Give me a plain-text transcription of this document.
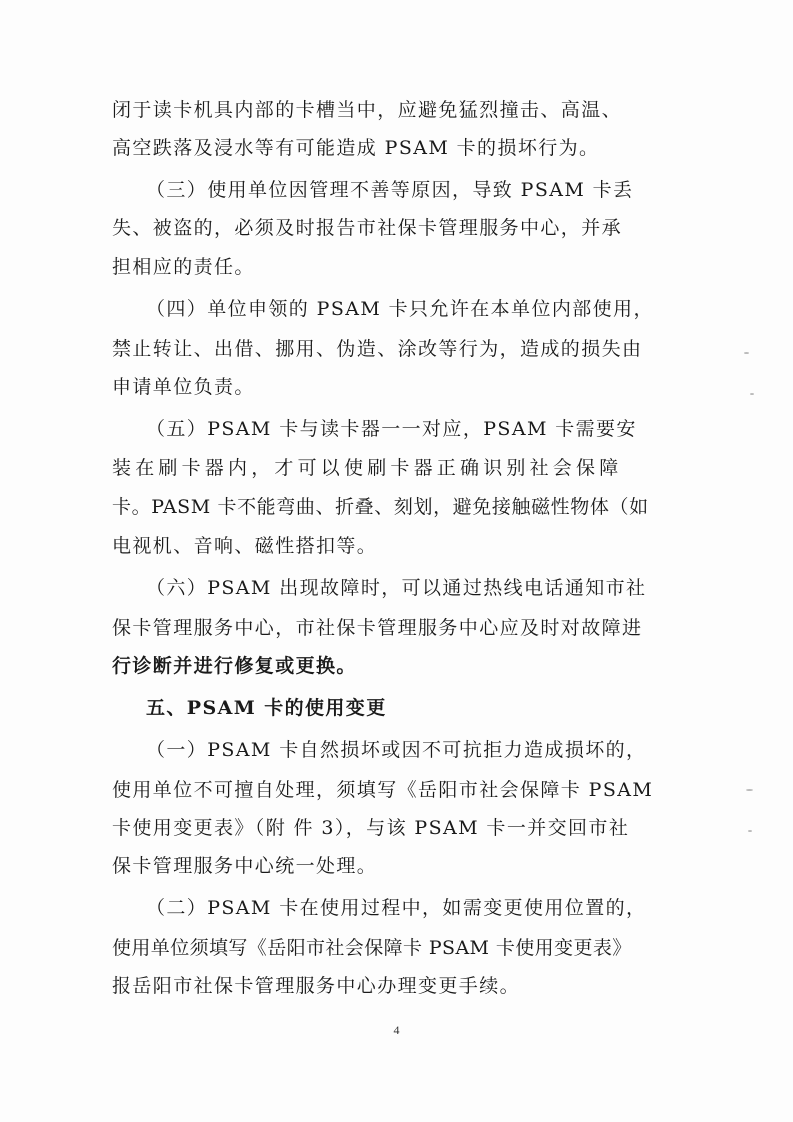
闭于读卡机具内部的卡槽当中，应避免猛烈撞击、高温、
高空跌落及浸水等有可能造成 PSAM 卡的损坏行为。
（三）使用单位因管理不善等原因，导致 PSAM 卡丢
失、被盗的，必须及时报告市社保卡管理服务中心，并承
担相应的责任。
（四）单位申领的 PSAM 卡只允许在本单位内部使用，
禁止转让、出借、挪用、伪造、涂改等行为，造成的损失由
申请单位负责。
（五）PSAM 卡与读卡器一一对应，PSAM 卡需要安
装在刷卡器内，才可以使刷卡器正确识别社会保障
卡。PASM 卡不能弯曲、折叠、刻划，避免接触磁性物体（如
电视机、音响、磁性搭扣等。
（六）PSAM 出现故障时，可以通过热线电话通知市社
保卡管理服务中心，市社保卡管理服务中心应及时对故障进
行诊断并进行修复或更换。
五、PSAM 卡的使用变更
（一）PSAM 卡自然损坏或因不可抗拒力造成损坏的，
使用单位不可擅自处理，须填写《岳阳市社会保障卡 PSAM
卡使用变更表》（附 件 3），与该 PSAM 卡一并交回市社
保卡管理服务中心统一处理。
（二）PSAM 卡在使用过程中，如需变更使用位置的，
使用单位须填写《岳阳市社会保障卡 PSAM 卡使用变更表》
报岳阳市社保卡管理服务中心办理变更手续。
4
